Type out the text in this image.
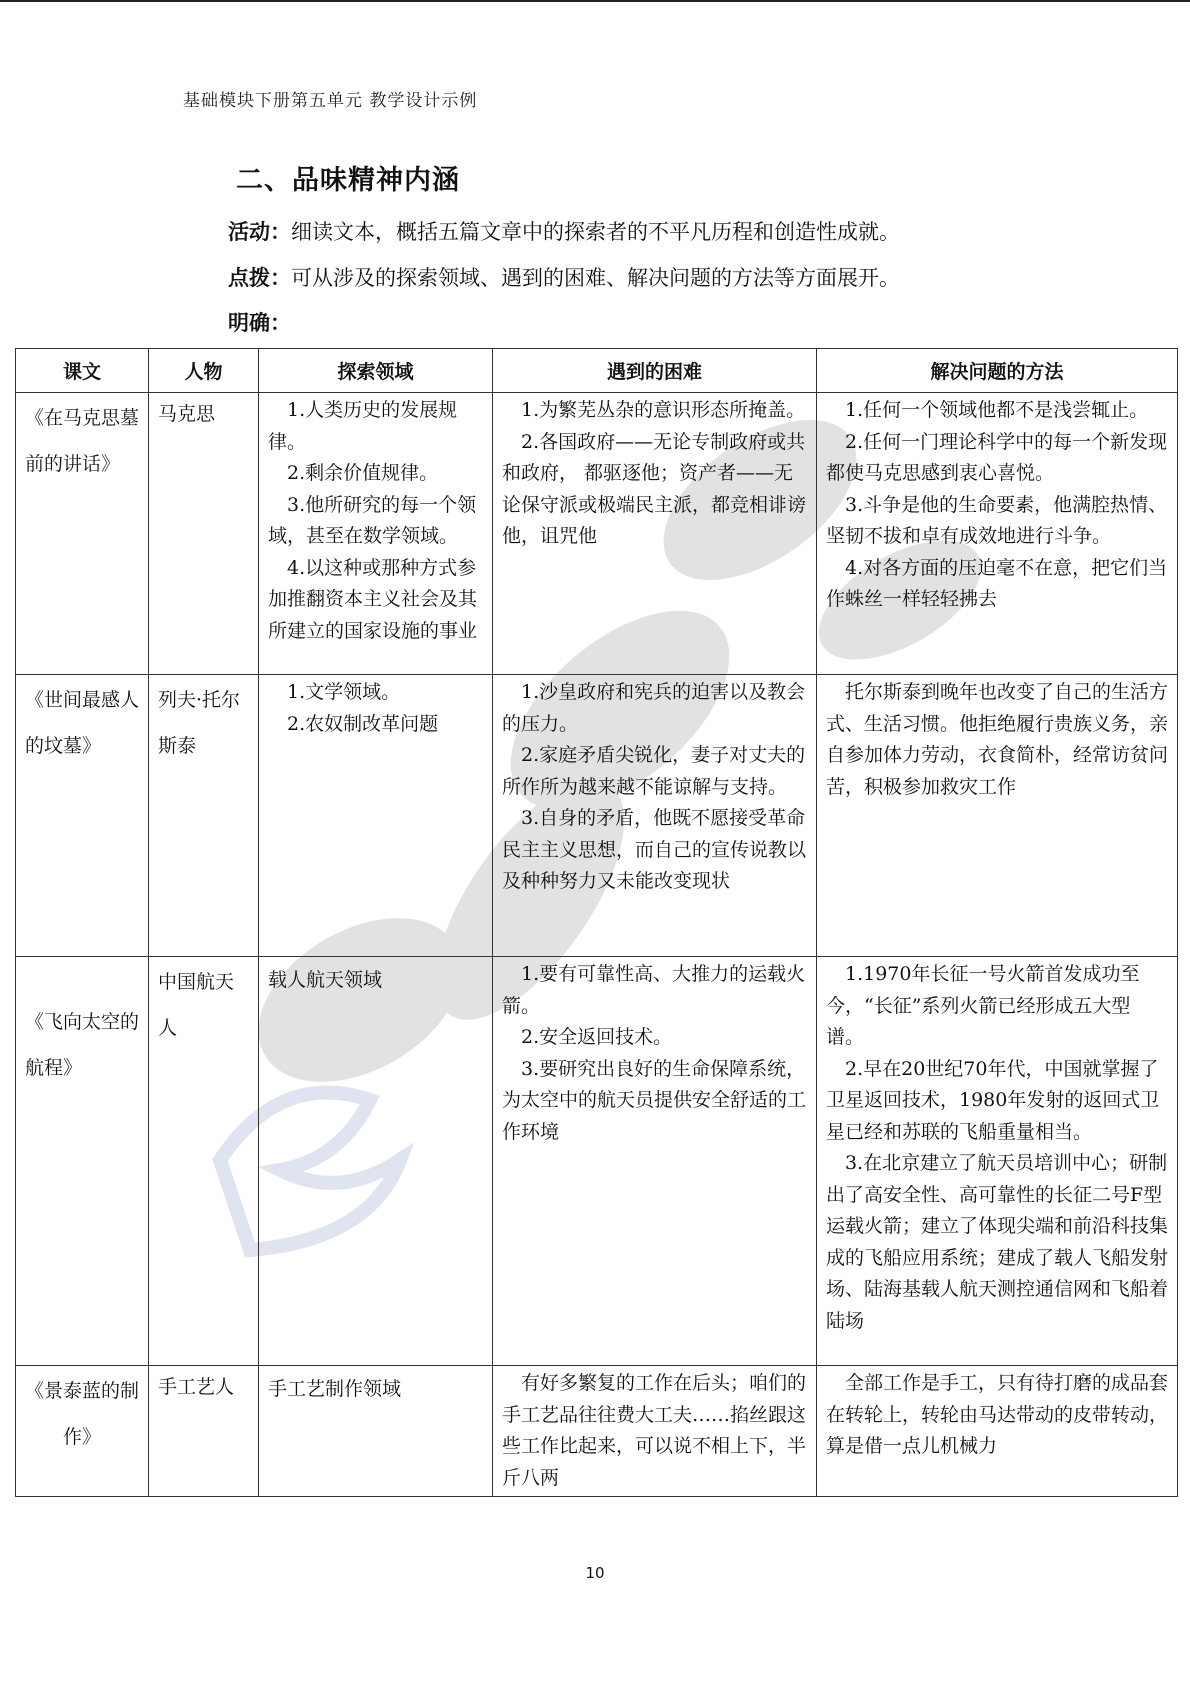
基础模块下册第五单元 教学设计示例
二、品味精神内涵
活动：细读文本，概括五篇文章中的探索者的不平凡历程和创造性成就。
点拨：可从涉及的探索领域、遇到的困难、解决问题的方法等方面展开。
明确：
课文	人物	探索领域	遇到的困难	解决问题的方法
《在马克思墓前的讲话》	马克思	1.人类历史的发展规律。
2.剩余价值规律。
3.他所研究的每一个领域，甚至在数学领域。
4.以这种或那种方式参加推翻资本主义社会及其所建立的国家设施的事业	1.为繁芜丛杂的意识形态所掩盖。
2.各国政府——无论专制政府或共和政府， 都驱逐他；资产者——无论保守派或极端民主派，都竞相诽谤他，诅咒他	1.任何一个领域他都不是浅尝辄止。
2.任何一门理论科学中的每一个新发现都使马克思感到衷心喜悦。
3.斗争是他的生命要素，他满腔热情、坚韧不拔和卓有成效地进行斗争。
4.对各方面的压迫毫不在意，把它们当作蛛丝一样轻轻拂去

《世间最感人的坟墓》	列夫·托尔斯泰	1.文学领域。
2.农奴制改革问题	1.沙皇政府和宪兵的迫害以及教会的压力。
2.家庭矛盾尖锐化，妻子对丈夫的所作所为越来越不能谅解与支持。
3.自身的矛盾，他既不愿接受革命民主主义思想，而自己的宣传说教以及种种努力又未能改变现状	托尔斯泰到晚年也改变了自己的生活方式、生活习惯。他拒绝履行贵族义务，亲自参加体力劳动，衣食简朴，经常访贫问苦，积极参加救灾工作

《飞向太空的航程》	中国航天人	载人航天领域	1.要有可靠性高、大推力的运载火箭。
2.安全返回技术。
3.要研究出良好的生命保障系统，为太空中的航天员提供安全舒适的工作环境	1.1970年长征一号火箭首发成功至今，“长征”系列火箭已经形成五大型谱。
2.早在20世纪70年代，中国就掌握了卫星返回技术，1980年发射的返回式卫星已经和苏联的飞船重量相当。
3.在北京建立了航天员培训中心；研制出了高安全性、高可靠性的长征二号F型运载火箭；建立了体现尖端和前沿科技集成的飞船应用系统；建成了载人飞船发射场、陆海基载人航天测控通信网和飞船着陆场

《景泰蓝的制作》	手工艺人	手工艺制作领域	有好多繁复的工作在后头；咱们的手工艺品往往费大工夫……掐丝跟这些工作比起来，可以说不相上下，半斤八两	全部工作是手工，只有待打磨的成品套在转轮上，转轮由马达带动的皮带转动，算是借一点儿机械力
10
